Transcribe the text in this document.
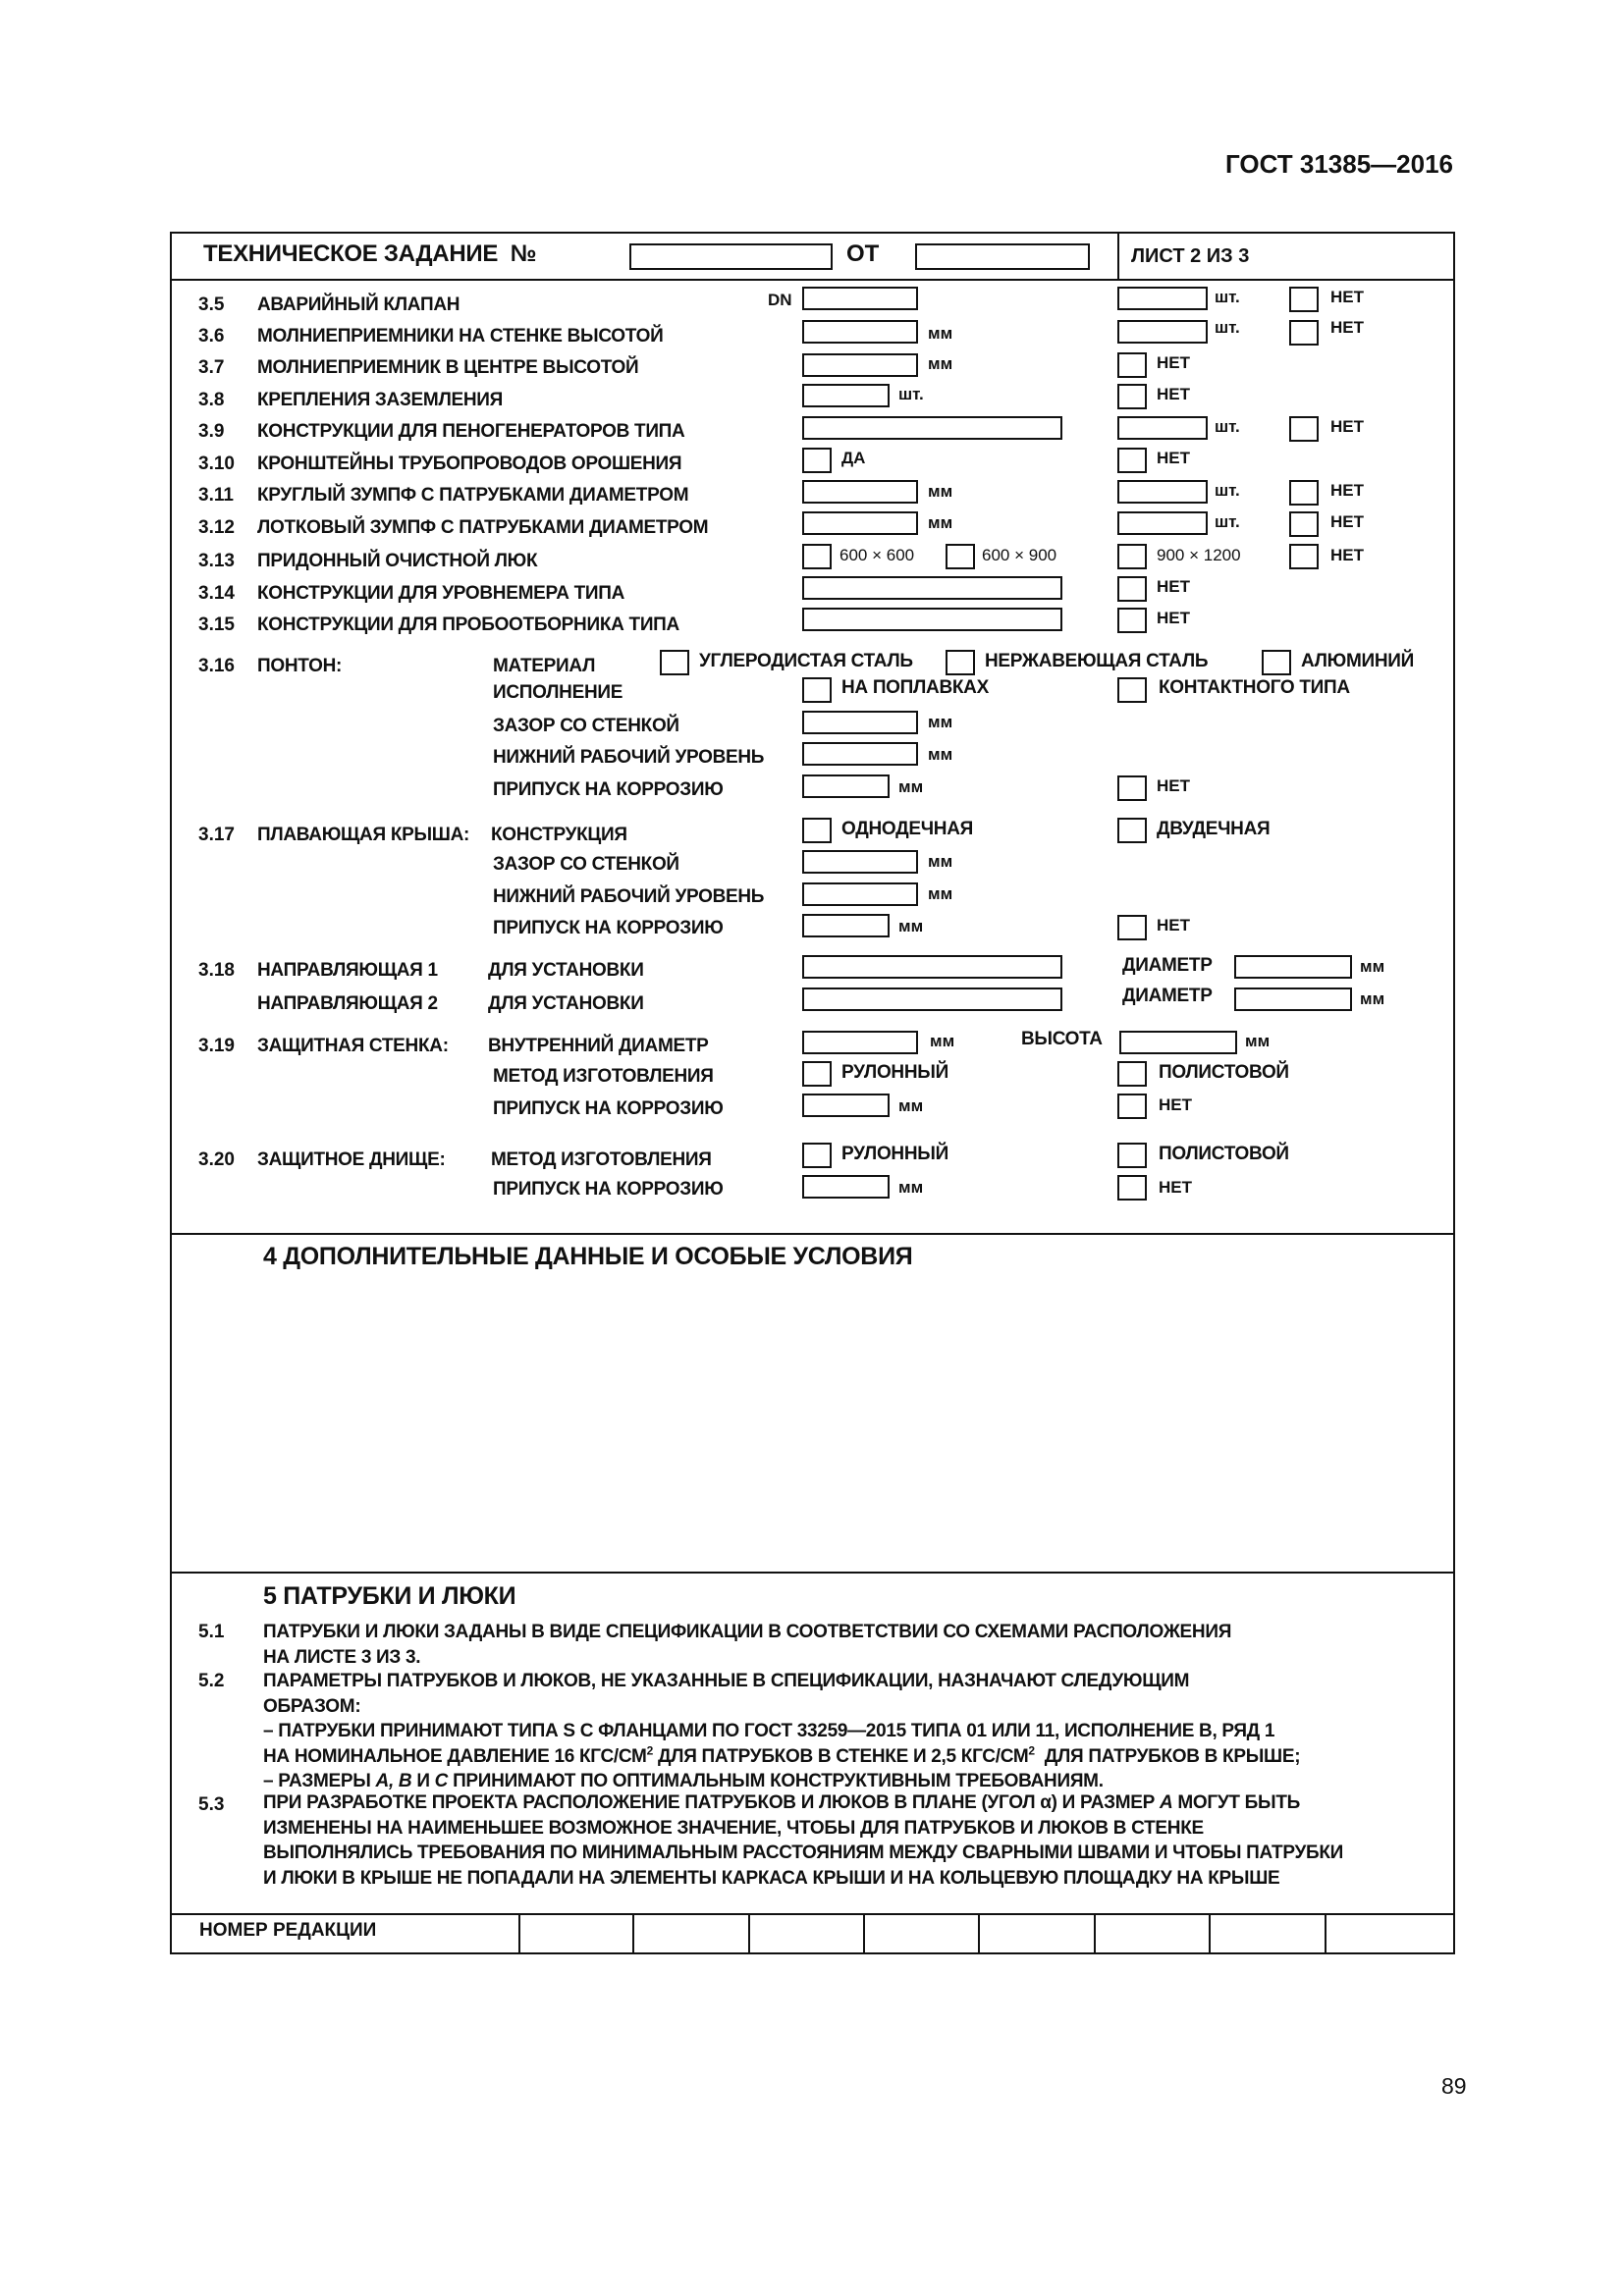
ГОСТ 31385—2016
89
ТЕХНИЧЕСКОЕ ЗАДАНИЕ  №	ОТ	ЛИСТ 2 ИЗ 3
3.5 АВАРИЙНЫЙ КЛАПАН	DN	шт.	НЕТ
3.6 МОЛНИЕПРИЕМНИКИ НА СТЕНКЕ ВЫСОТОЙ	мм	шт.	НЕТ
3.7 МОЛНИЕПРИЕМНИК В ЦЕНТРЕ ВЫСОТОЙ	мм	НЕТ
3.8 КРЕПЛЕНИЯ ЗАЗЕМЛЕНИЯ	шт.	НЕТ
3.9 КОНСТРУКЦИИ ДЛЯ ПЕНОГЕНЕРАТОРОВ ТИПА	шт.	НЕТ
3.10 КРОНШТЕЙНЫ ТРУБОПРОВОДОВ ОРОШЕНИЯ	ДА	НЕТ
3.11 КРУГЛЫЙ ЗУМПФ С ПАТРУБКАМИ ДИАМЕТРОМ	мм	шт.	НЕТ
3.12 ЛОТКОВЫЙ ЗУМПФ С ПАТРУБКАМИ ДИАМЕТРОМ	мм	шт.	НЕТ
3.13 ПРИДОННЫЙ ОЧИСТНОЙ ЛЮК	600 × 600	600 × 900	900 × 1200	НЕТ
3.14 КОНСТРУКЦИИ ДЛЯ УРОВНЕМЕРА ТИПА	НЕТ
3.15 КОНСТРУКЦИИ ДЛЯ ПРОБООТБОРНИКА ТИПА	НЕТ
3.16 ПОНТОН:	МАТЕРИАЛ	УГЛЕРОДИСТАЯ СТАЛЬ	НЕРЖАВЕЮЩАЯ СТАЛЬ	АЛЮМИНИЙ
ИСПОЛНЕНИЕ	НА ПОПЛАВКАХ	КОНТАКТНОГО ТИПА
ЗАЗОР СО СТЕНКОЙ	мм
НИЖНИЙ РАБОЧИЙ УРОВЕНЬ	мм
ПРИПУСК НА КОРРОЗИЮ	мм	НЕТ
3.17 ПЛАВАЮЩАЯ КРЫША: КОНСТРУКЦИЯ	ОДНОДЕЧНАЯ	ДВУДЕЧНАЯ
ЗАЗОР СО СТЕНКОЙ	мм
НИЖНИЙ РАБОЧИЙ УРОВЕНЬ	мм
ПРИПУСК НА КОРРОЗИЮ	мм	НЕТ
3.18 НАПРАВЛЯЮЩАЯ 1	ДЛЯ УСТАНОВКИ	ДИАМЕТР	мм
НАПРАВЛЯЮЩАЯ 2	ДЛЯ УСТАНОВКИ	ДИАМЕТР	мм
3.19 ЗАЩИТНАЯ СТЕНКА: ВНУТРЕННИЙ ДИАМЕТР	мм	ВЫСОТА	мм
МЕТОД ИЗГОТОВЛЕНИЯ	РУЛОННЫЙ	ПОЛИСТОВОЙ
ПРИПУСК НА КОРРОЗИЮ	мм	НЕТ
3.20 ЗАЩИТНОЕ ДНИЩЕ: МЕТОД ИЗГОТОВЛЕНИЯ	РУЛОННЫЙ	ПОЛИСТОВОЙ
ПРИПУСК НА КОРРОЗИЮ	мм	НЕТ
4 ДОПОЛНИТЕЛЬНЫЕ ДАННЫЕ И ОСОБЫЕ УСЛОВИЯ
5 ПАТРУБКИ И ЛЮКИ
5.1 ПАТРУБКИ И ЛЮКИ ЗАДАНЫ В ВИДЕ СПЕЦИФИКАЦИИ В СООТВЕТСТВИИ СО СХЕМАМИ РАСПОЛОЖЕНИЯ
НА ЛИСТЕ 3 ИЗ 3.
5.2 ПАРАМЕТРЫ ПАТРУБКОВ И ЛЮКОВ, НЕ УКАЗАННЫЕ В СПЕЦИФИКАЦИИ, НАЗНАЧАЮТ СЛЕДУЮЩИМ
ОБРАЗОМ:
– ПАТРУБКИ ПРИНИМАЮТ ТИПА S С ФЛАНЦАМИ ПО ГОСТ 33259—2015 ТИПА 01 ИЛИ 11, ИСПОЛНЕНИЕ В, РЯД 1
НА НОМИНАЛЬНОЕ ДАВЛЕНИЕ 16 КГС/$СМ^2$ ДЛЯ ПАТРУБКОВ В СТЕНКЕ И 2,5 КГС/$СМ^2$  ДЛЯ ПАТРУБКОВ В КРЫШЕ;
– РАЗМЕРЫ A, B И C ПРИНИМАЮТ ПО ОПТИМАЛЬНЫМ КОНСТРУКТИВНЫМ ТРЕБОВАНИЯМ.
5.3 ПРИ РАЗРАБОТКЕ ПРОЕКТА РАСПОЛОЖЕНИЕ ПАТРУБКОВ И ЛЮКОВ В ПЛАНЕ (УГОЛ α) И РАЗМЕР A МОГУТ БЫТЬ
ИЗМЕНЕНЫ НА НАИМЕНЬШЕЕ ВОЗМОЖНОЕ ЗНАЧЕНИЕ, ЧТОБЫ ДЛЯ ПАТРУБКОВ И ЛЮКОВ В СТЕНКЕ
ВЫПОЛНЯЛИСЬ ТРЕБОВАНИЯ ПО МИНИМАЛЬНЫМ РАССТОЯНИЯМ МЕЖДУ СВАРНЫМИ ШВАМИ И ЧТОБЫ ПАТРУБКИ
И ЛЮКИ В КРЫШЕ НЕ ПОПАДАЛИ НА ЭЛЕМЕНТЫ КАРКАСА КРЫШИ И НА КОЛЬЦЕВУЮ ПЛОЩАДКУ НА КРЫШЕ
НОМЕР РЕДАКЦИИ
